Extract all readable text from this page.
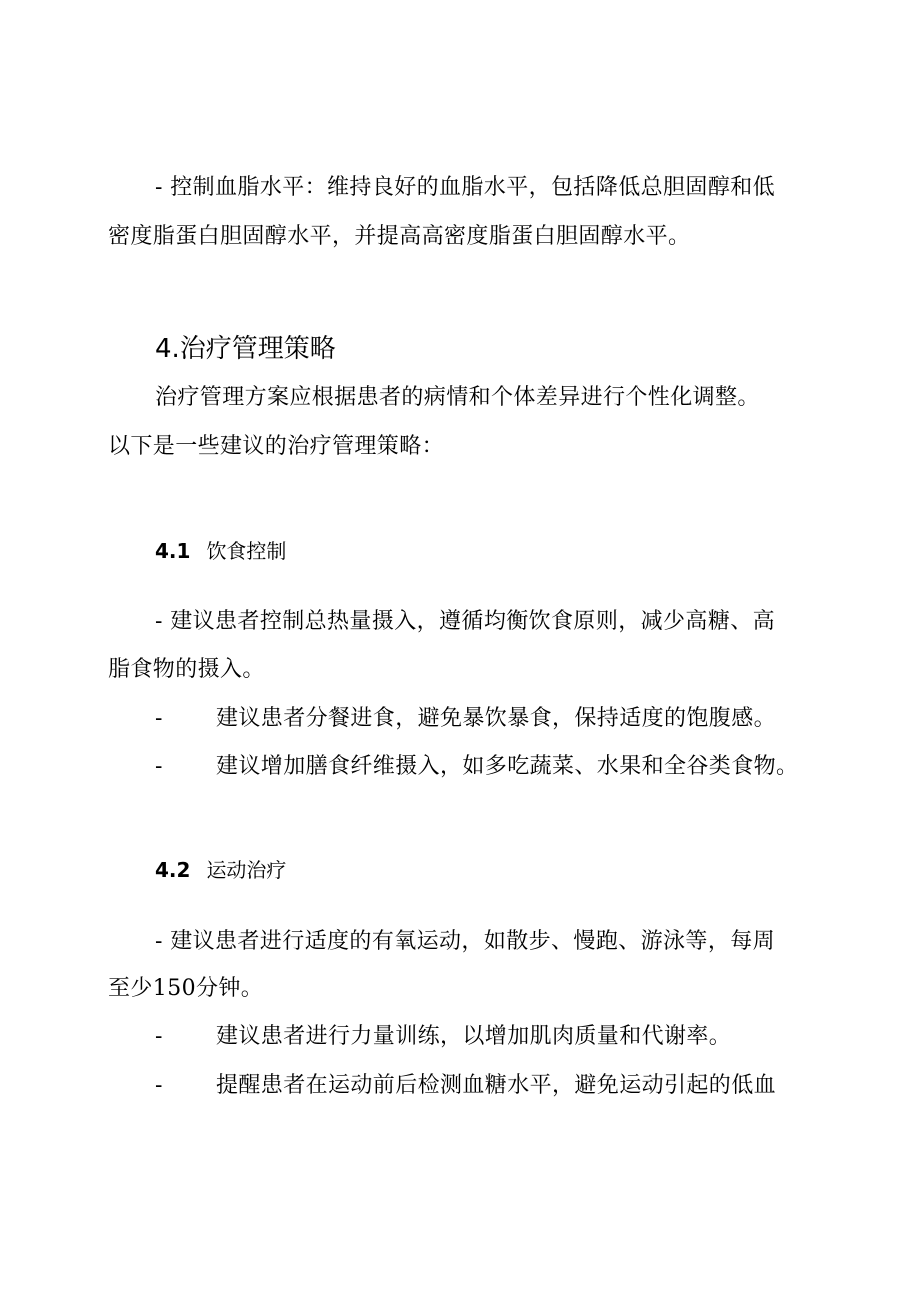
- 控制血脂水平：维持良好的血脂水平，包括降低总胆固醇和低
密度脂蛋白胆固醇水平，并提高高密度脂蛋白胆固醇水平。
4.治疗管理策略
治疗管理方案应根据患者的病情和个体差异进行个性化调整。
以下是一些建议的治疗管理策略：
4.1 饮食控制
- 建议患者控制总热量摄入，遵循均衡饮食原则，减少高糖、高
脂食物的摄入。
- 建议患者分餐进食，避免暴饮暴食，保持适度的饱腹感。
- 建议增加膳食纤维摄入，如多吃蔬菜、水果和全谷类食物。
4.2 运动治疗
- 建议患者进行适度的有氧运动，如散步、慢跑、游泳等，每周
至少150分钟。
- 建议患者进行力量训练，以增加肌肉质量和代谢率。
- 提醒患者在运动前后检测血糖水平，避免运动引起的低血
